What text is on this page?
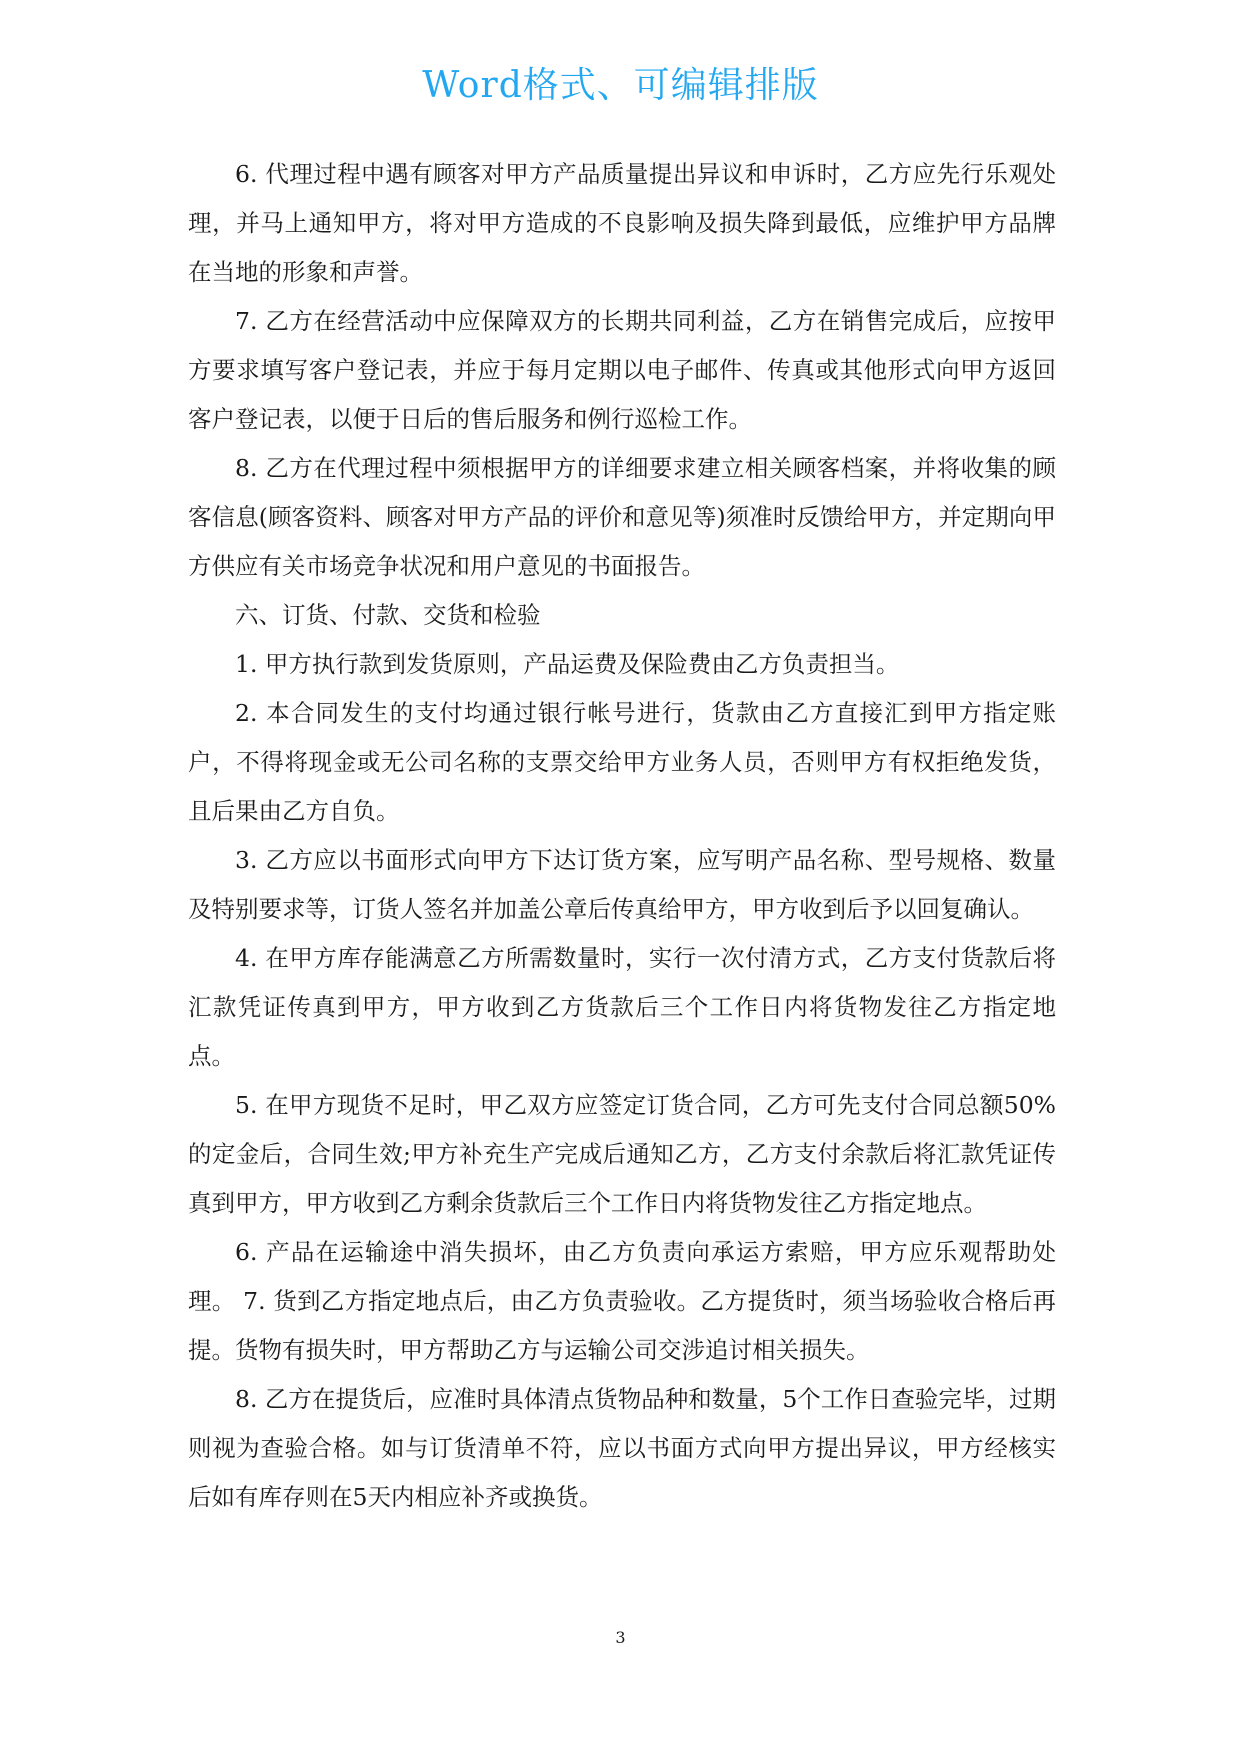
Word格式、可编辑排版

6. 代理过程中遇有顾客对甲方产品质量提出异议和申诉时，乙方应先行乐观处理，并马上通知甲方，将对甲方造成的不良影响及损失降到最低，应维护甲方品牌在当地的形象和声誉。

7. 乙方在经营活动中应保障双方的长期共同利益，乙方在销售完成后，应按甲方要求填写客户登记表，并应于每月定期以电子邮件、传真或其他形式向甲方返回客户登记表，以便于日后的售后服务和例行巡检工作。

8. 乙方在代理过程中须根据甲方的详细要求建立相关顾客档案，并将收集的顾客信息(顾客资料、顾客对甲方产品的评价和意见等)须准时反馈给甲方，并定期向甲方供应有关市场竞争状况和用户意见的书面报告。

六、订货、付款、交货和检验

1. 甲方执行款到发货原则，产品运费及保险费由乙方负责担当。

2. 本合同发生的支付均通过银行帐号进行，货款由乙方直接汇到甲方指定账户，不得将现金或无公司名称的支票交给甲方业务人员，否则甲方有权拒绝发货，且后果由乙方自负。

3. 乙方应以书面形式向甲方下达订货方案，应写明产品名称、型号规格、数量及特别要求等，订货人签名并加盖公章后传真给甲方，甲方收到后予以回复确认。

4. 在甲方库存能满意乙方所需数量时，实行一次付清方式，乙方支付货款后将汇款凭证传真到甲方，甲方收到乙方货款后三个工作日内将货物发往乙方指定地点。

5. 在甲方现货不足时，甲乙双方应签定订货合同，乙方可先支付合同总额50%的定金后，合同生效;甲方补充生产完成后通知乙方，乙方支付余款后将汇款凭证传真到甲方，甲方收到乙方剩余货款后三个工作日内将货物发往乙方指定地点。

6. 产品在运输途中消失损坏，由乙方负责向承运方索赔，甲方应乐观帮助处理。 7. 货到乙方指定地点后，由乙方负责验收。乙方提货时，须当场验收合格后再提。货物有损失时，甲方帮助乙方与运输公司交涉追讨相关损失。

8. 乙方在提货后，应准时具体清点货物品种和数量，5个工作日查验完毕，过期则视为查验合格。如与订货清单不符，应以书面方式向甲方提出异议，甲方经核实后如有库存则在5天内相应补齐或换货。

3
